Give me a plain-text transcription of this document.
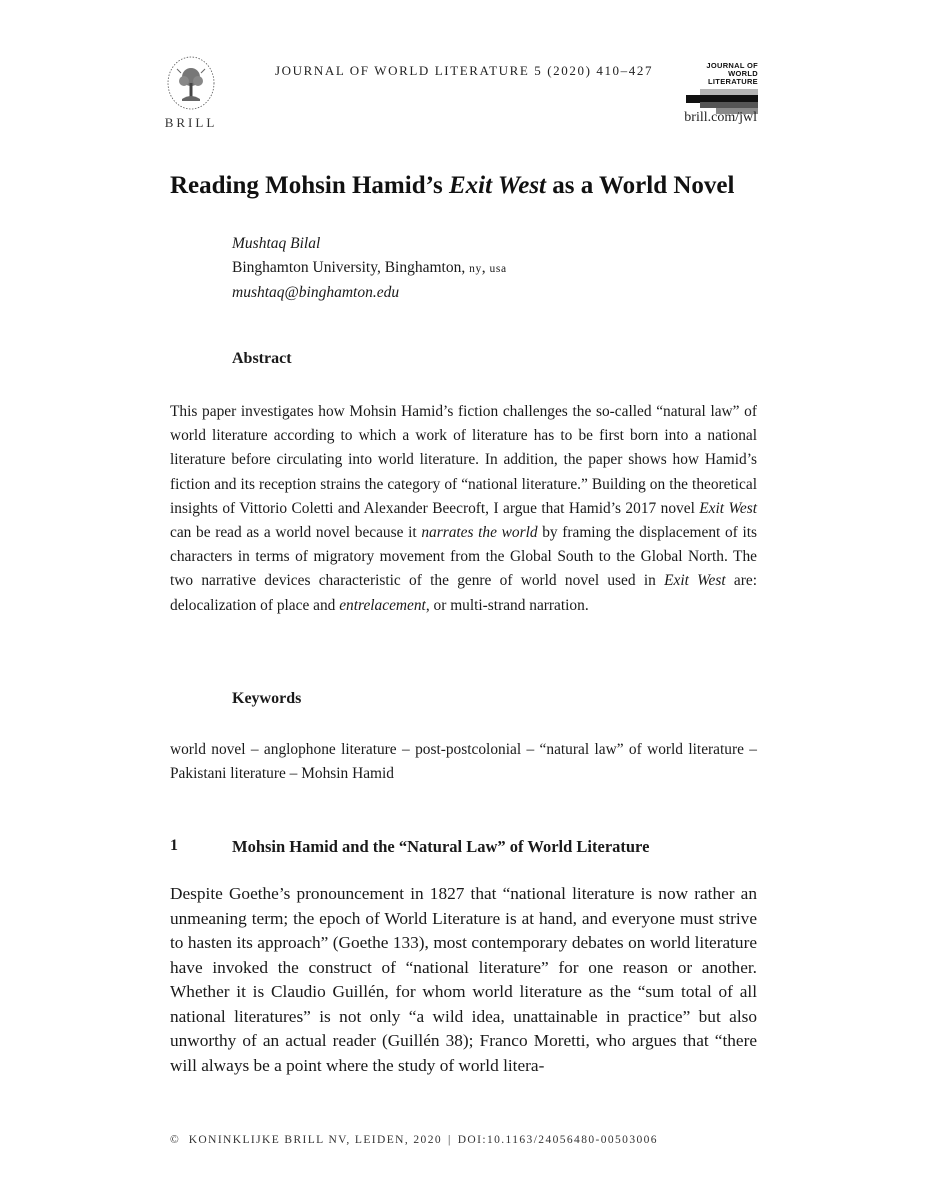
BRILL
JOURNAL OF WORLD LITERATURE 5 (2020) 410–427	JOURNAL OF
WORLD LITERATURE
brill.com/jwl
Reading Mohsin Hamid’s Exit West as a World Novel
Mushtaq Bilal
Binghamton University, Binghamton, ny, usa
mushtaq@binghamton.edu
Abstract

This paper investigates how Mohsin Hamid’s fiction challenges the so-called “natural law” of world literature according to which a work of literature has to be first born into a national literature before circulating into world literature. In addition, the paper shows how Hamid’s fiction and its reception strains the category of “national literature.” Building on the theoretical insights of Vittorio Coletti and Alexander Beecroft, I argue that Hamid’s 2017 novel Exit West can be read as a world novel because it narrates the world by framing the displacement of its characters in terms of migratory movement from the Global South to the Global North. The two narrative devices characteristic of the genre of world novel used in Exit West are: delocalization of place and entrelacement, or multi-strand narration.

Keywords

world novel – anglophone literature – post-postcolonial – “natural law” of world literature – Pakistani literature – Mohsin Hamid

1	Mohsin Hamid and the “Natural Law” of World Literature

Despite Goethe’s pronouncement in 1827 that “national literature is now rather an unmeaning term; the epoch of World Literature is at hand, and everyone must strive to hasten its approach” (Goethe 133), most contemporary debates on world literature have invoked the construct of “national literature” for one reason or another. Whether it is Claudio Guillén, for whom world literature as the “sum total of all national literatures” is not only “a wild idea, unattainable in practice” but also unworthy of an actual reader (Guillén 38); Franco Moretti, who argues that “there will always be a point where the study of world litera-

© KONINKLIJKE BRILL NV, LEIDEN, 2020 | DOI:10.1163/24056480-00503006
